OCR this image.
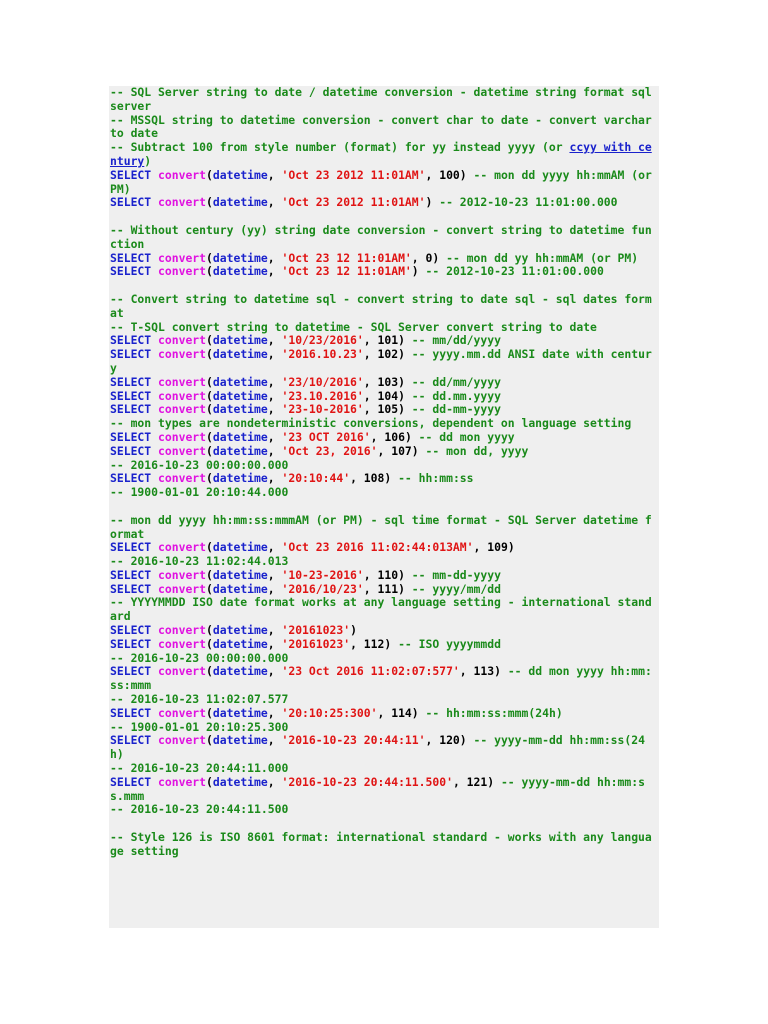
-- SQL Server string to date / datetime conversion - datetime string format sql server
-- MSSQL string to datetime conversion - convert char to date - convert varchar to date
-- Subtract 100 from style number (format) for yy instead yyyy (or ccyy with century)
SELECT convert(datetime, 'Oct 23 2012 11:01AM', 100) -- mon dd yyyy hh:mmAM (or PM)
SELECT convert(datetime, 'Oct 23 2012 11:01AM') -- 2012-10-23 11:01:00.000
-- Without century (yy) string date conversion - convert string to datetime function
SELECT convert(datetime, 'Oct 23 12 11:01AM', 0) -- mon dd yy hh:mmAM (or PM)
SELECT convert(datetime, 'Oct 23 12 11:01AM') -- 2012-10-23 11:01:00.000
-- Convert string to datetime sql - convert string to date sql - sql dates format
-- T-SQL convert string to datetime - SQL Server convert string to date
SELECT convert(datetime, '10/23/2016', 101) -- mm/dd/yyyy
SELECT convert(datetime, '2016.10.23', 102) -- yyyy.mm.dd ANSI date with century
SELECT convert(datetime, '23/10/2016', 103) -- dd/mm/yyyy
SELECT convert(datetime, '23.10.2016', 104) -- dd.mm.yyyy
SELECT convert(datetime, '23-10-2016', 105) -- dd-mm-yyyy
-- mon types are nondeterministic conversions, dependent on language setting
SELECT convert(datetime, '23 OCT 2016', 106) -- dd mon yyyy
SELECT convert(datetime, 'Oct 23, 2016', 107) -- mon dd, yyyy
-- 2016-10-23 00:00:00.000
SELECT convert(datetime, '20:10:44', 108) -- hh:mm:ss
-- 1900-01-01 20:10:44.000
-- mon dd yyyy hh:mm:ss:mmmAM (or PM) - sql time format - SQL Server datetime format
SELECT convert(datetime, 'Oct 23 2016 11:02:44:013AM', 109)
-- 2016-10-23 11:02:44.013
SELECT convert(datetime, '10-23-2016', 110) -- mm-dd-yyyy
SELECT convert(datetime, '2016/10/23', 111) -- yyyy/mm/dd
-- YYYYMMDD ISO date format works at any language setting - international standard
SELECT convert(datetime, '20161023')
SELECT convert(datetime, '20161023', 112) -- ISO yyyymmdd
-- 2016-10-23 00:00:00.000
SELECT convert(datetime, '23 Oct 2016 11:02:07:577', 113) -- dd mon yyyy hh:mm:ss:mmm
-- 2016-10-23 11:02:07.577
SELECT convert(datetime, '20:10:25:300', 114) -- hh:mm:ss:mmm(24h)
-- 1900-01-01 20:10:25.300
SELECT convert(datetime, '2016-10-23 20:44:11', 120) -- yyyy-mm-dd hh:mm:ss(24h)
-- 2016-10-23 20:44:11.000
SELECT convert(datetime, '2016-10-23 20:44:11.500', 121) -- yyyy-mm-dd hh:mm:ss.mmm
-- 2016-10-23 20:44:11.500
-- Style 126 is ISO 8601 format: international standard - works with any language setting
